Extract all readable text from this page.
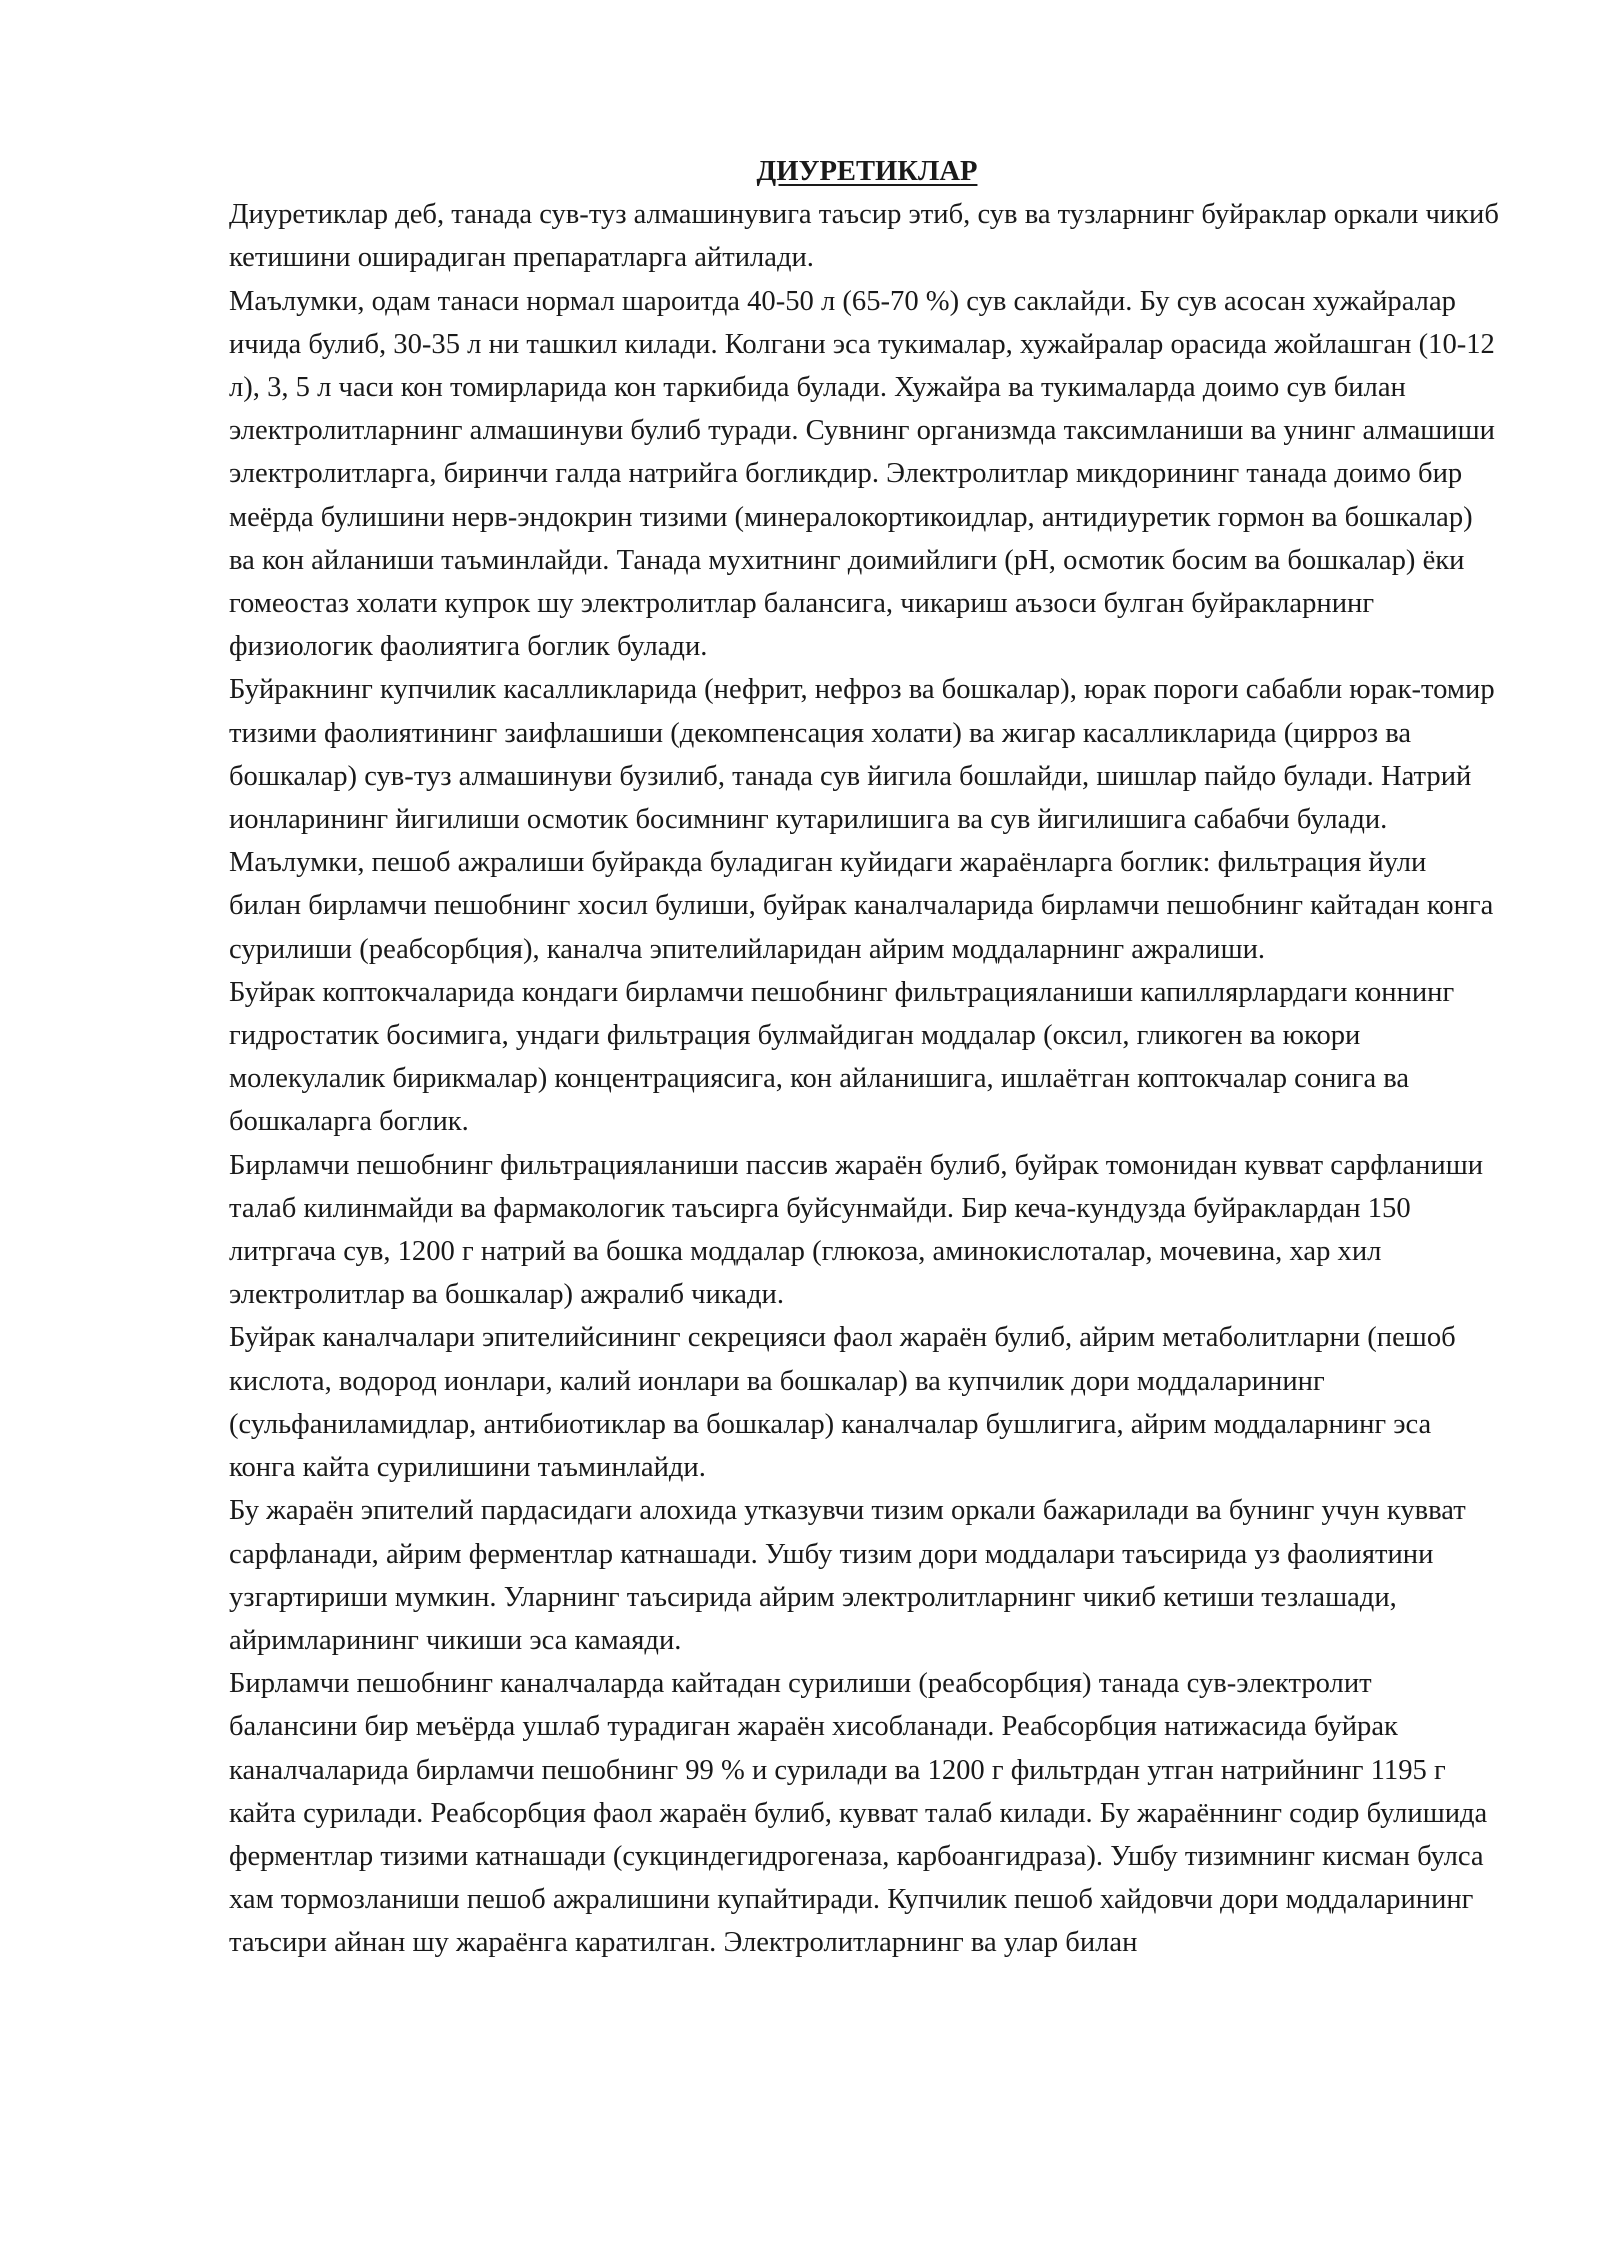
ДИУРЕТИКЛАР

Диуретиклар деб, танада сув-туз алмашинувига таъсир этиб, сув ва тузларнинг буйраклар оркали чикиб кетишини оширадиган препаратларга айтилади.

Маълумки, одам танаси нормал шароитда 40-50 л (65-70 %) сув саклайди. Бу сув асосан хужайралар ичида булиб, 30-35 л ни ташкил килади. Колгани эса тукималар, хужайралар орасида жойлашган (10-12 л), 3, 5 л часи кон томирларида кон таркибида булади. Хужайра ва тукималарда доимо сув билан электролитларнинг алмашинуви булиб туради. Сувнинг организмда таксимланиши ва унинг алмашиши электролитларга, биринчи галда натрийга богликдир. Электролитлар микдорининг танада доимо бир меёрда булишини нерв-эндокрин тизими (минералокортикоидлар, антидиуретик гормон ва бошкалар) ва кон айланиши таъминлайди. Танада мухитнинг доимийлиги (рН, осмотик босим ва бошкалар) ёки гомеостаз холати купрок шу электролитлар балансига, чикариш аъзоси булган буйракларнинг физиологик фаолиятига боглик булади.

Буйракнинг купчилик касалликларида (нефрит, нефроз ва бошкалар), юрак пороги сабабли юрак-томир тизими фаолиятининг заифлашиши (декомпенсация холати) ва жигар касалликларида (цирроз ва бошкалар) сув-туз алмашинуви бузилиб, танада сув йигила бошлайди, шишлар пайдо булади. Натрий ионларининг йигилиши осмотик босимнинг кутарилишига ва сув йигилишига сабабчи булади.

Маълумки, пешоб ажралиши буйракда буладиган куйидаги жараёнларга боглик: фильтрация йули билан бирламчи пешобнинг хосил булиши, буйрак каналчаларида бирламчи пешобнинг кайтадан конга сурилиши (реабсорбция), каналча эпителийларидан айрим моддаларнинг ажралиши.

Буйрак коптокчаларида кондаги бирламчи пешобнинг фильтрацияланиши капиллярлардаги коннинг гидростатик босимига, ундаги фильтрация булмайдиган моддалар (оксил, гликоген ва юкори молекулалик бирикмалар) концентрациясига, кон айланишига, ишлаётган коптокчалар сонига ва бошкаларга боглик.

Бирламчи пешобнинг фильтрацияланиши пассив жараён булиб, буйрак томонидан кувват сарфланиши талаб килинмайди ва фармакологик таъсирга буйсунмайди. Бир кеча-кундузда буйраклардан 150 литргача сув, 1200 г натрий ва бошка моддалар (глюкоза, аминокислоталар, мочевина, хар хил электролитлар ва бошкалар) ажралиб чикади.

Буйрак каналчалари эпителийсининг секрецияси фаол жараён булиб, айрим метаболитларни (пешоб кислота, водород ионлари, калий ионлари ва бошкалар) ва купчилик дори моддаларининг (сульфаниламидлар, антибиотиклар ва бошкалар) каналчалар бушлигига, айрим моддаларнинг эса конга кайта сурилишини таъминлайди.

Бу жараён эпителий пардасидаги алохида утказувчи тизим оркали бажарилади ва бунинг учун кувват сарфланади, айрим ферментлар катнашади. Ушбу тизим дори моддалари таъсирида уз фаолиятини узгартириши мумкин. Уларнинг таъсирида айрим электролитларнинг чикиб кетиши тезлашади, айримларининг чикиши эса камаяди.

Бирламчи пешобнинг каналчаларда кайтадан сурилиши (реабсорбция) танада сув-электролит балансини бир меъёрда ушлаб турадиган жараён хисобланади. Реабсорбция натижасида буйрак каналчаларида бирламчи пешобнинг 99 % и сурилади ва 1200 г фильтрдан утган натрийнинг 1195 г кайта сурилади. Реабсорбция фаол жараён булиб, кувват талаб килади. Бу жараённинг содир булишида ферментлар тизими катнашади (сукциндегидрогеназа, карбоангидраза). Ушбу тизимнинг кисман булса хам тормозланиши пешоб ажралишини купайтиради. Купчилик пешоб хайдовчи дори моддаларининг таъсири айнан шу жараёнга каратилган. Электролитларнинг ва улар билан
